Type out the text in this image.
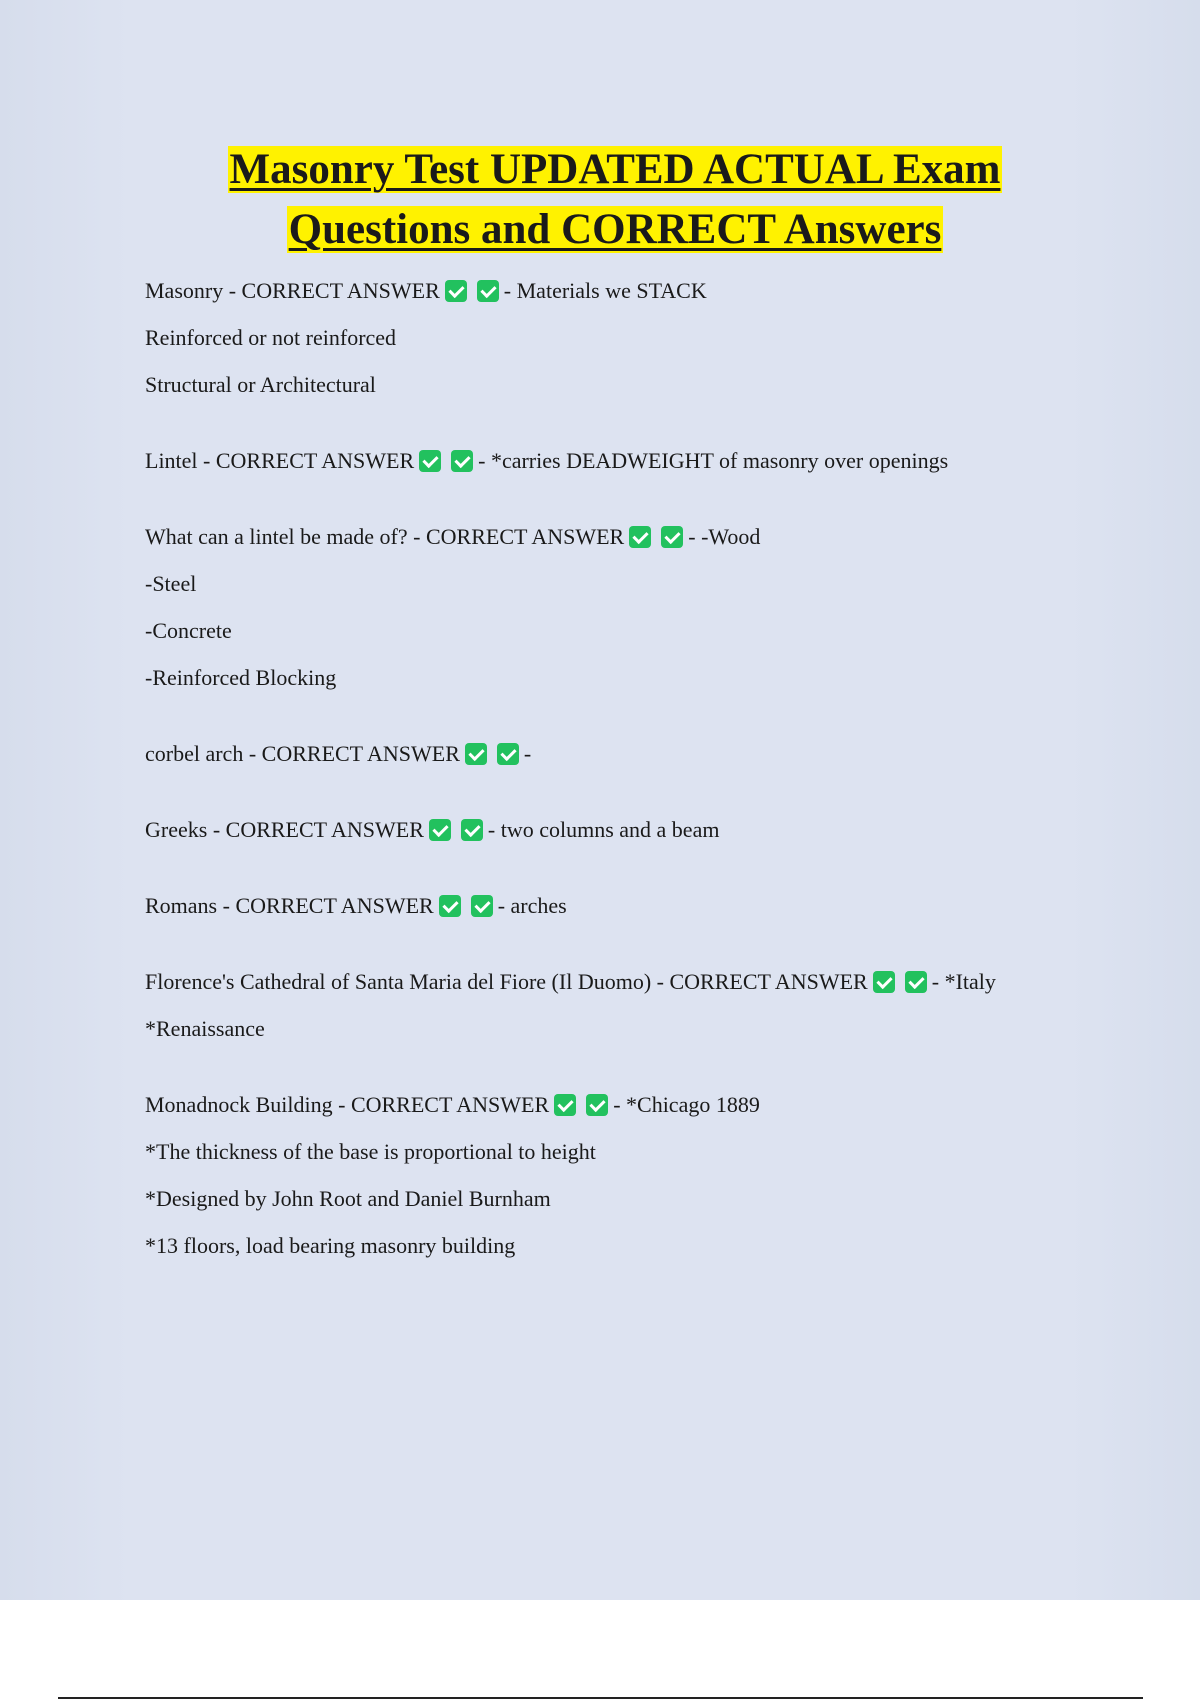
Masonry Test UPDATED ACTUAL Exam
Questions and CORRECT Answers
Masonry - CORRECT ANSWER	- Materials we STACK
Reinforced or not reinforced
Structural or Architectural
Lintel - CORRECT ANSWER	- *carries DEADWEIGHT of masonry over openings
What can a lintel be made of? - CORRECT ANSWER	- -Wood
-Steel
-Concrete
-Reinforced Blocking
corbel arch - CORRECT ANSWER	-
Greeks - CORRECT ANSWER	- two columns and a beam
Romans - CORRECT ANSWER	- arches
Florence's Cathedral of Santa Maria del Fiore (Il Duomo) - CORRECT ANSWER	- *Italy
*Renaissance
Monadnock Building - CORRECT ANSWER	- *Chicago 1889
*The thickness of the base is proportional to height
*Designed by John Root and Daniel Burnham
*13 floors, load bearing masonry building
